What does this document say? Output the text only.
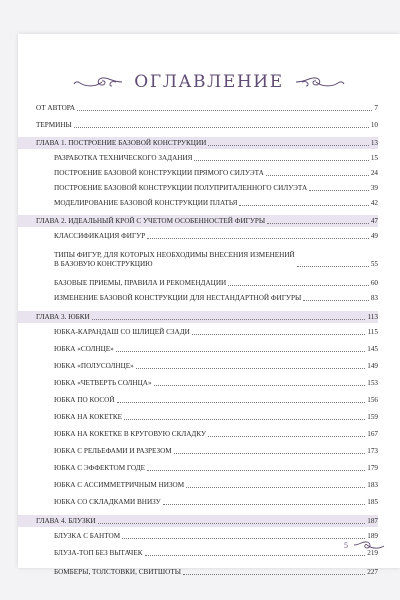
ОГЛАВЛЕНИЕ
ОТ АВТОРА	7
ТЕРМИНЫ	10
ГЛАВА 1. ПОСТРОЕНИЕ БАЗОВОЙ КОНСТРУКЦИИ	13
РАЗРАБОТКА ТЕХНИЧЕСКОГО ЗАДАНИЯ	15
ПОСТРОЕНИЕ БАЗОВОЙ КОНСТРУКЦИИ ПРЯМОГО СИЛУЭТА	24
ПОСТРОЕНИЕ БАЗОВОЙ КОНСТРУКЦИИ ПОЛУПРИТАЛЕННОГО СИЛУЭТА	39
МОДЕЛИРОВАНИЕ БАЗОВОЙ КОНСТРУКЦИИ ПЛАТЬЯ	42
ГЛАВА 2. ИДЕАЛЬНЫЙ КРОЙ С УЧЕТОМ ОСОБЕННОСТЕЙ ФИГУРЫ	47
КЛАССИФИКАЦИЯ ФИГУР	49
ТИПЫ ФИГУР, ДЛЯ КОТОРЫХ НЕОБХОДИМЫ ВНЕСЕНИЯ ИЗМЕНЕНИЙ
В БАЗОВУЮ КОНСТРУКЦИЮ	55
БАЗОВЫЕ ПРИЕМЫ, ПРАВИЛА И РЕКОМЕНДАЦИИ	60
ИЗМЕНЕНИЕ БАЗОВОЙ КОНСТРУКЦИИ ДЛЯ НЕСТАНДАРТНОЙ ФИГУРЫ	83
ГЛАВА 3. ЮБКИ	113
ЮБКА-КАРАНДАШ СО ШЛИЦЕЙ СЗАДИ	115
ЮБКА «СОЛНЦЕ»	145
ЮБКА «ПОЛУСОЛНЦЕ»	149
ЮБКА «ЧЕТВЕРТЬ СОЛНЦА»	153
ЮБКА ПО КОСОЙ	156
ЮБКА НА КОКЕТКЕ	159
ЮБКА НА КОКЕТКЕ В КРУГОВУЮ СКЛАДКУ	167
ЮБКА С РЕЛЬЕФАМИ И РАЗРЕЗОМ	173
ЮБКА С ЭФФЕКТОМ ГОДЕ	179
ЮБКА С АССИММЕТРИЧНЫМ НИЗОМ	183
ЮБКА СО СКЛАДКАМИ ВНИЗУ	185
ГЛАВА 4. БЛУЗКИ	187
БЛУЗКА С БАНТОМ	189
БЛУЗА-ТОП БЕЗ ВЫТАЧЕК	219
БОМБЕРЫ, ТОЛСТОВКИ, СВИТШОТЫ	227
5
